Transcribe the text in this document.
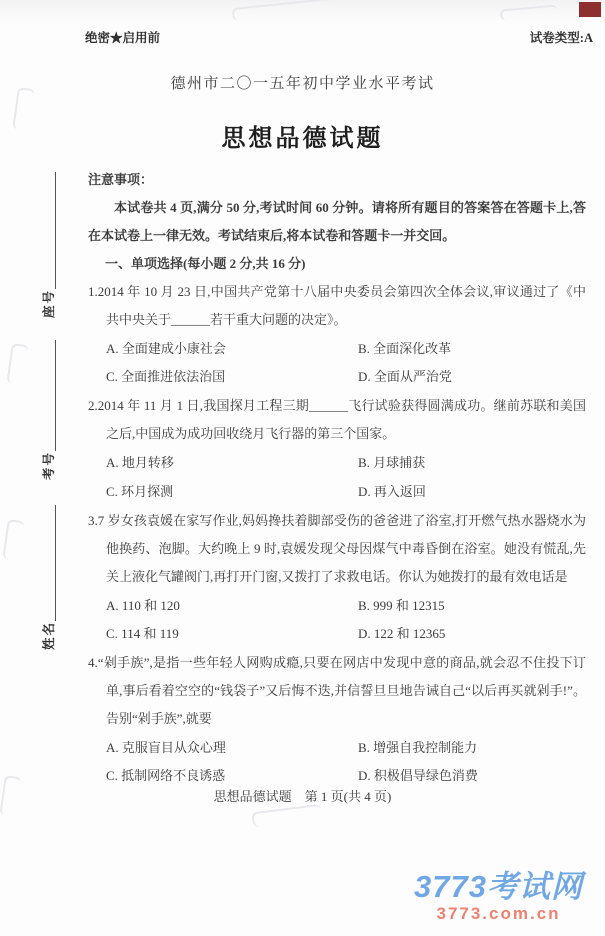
绝密★启用前	试卷类型:A
德州市二〇一五年初中学业水平考试
思想品德试题
座号
考号
姓名
注意事项：
本试卷共 4 页,满分 50 分,考试时间 60 分钟。请将所有题目的答案答在答题卡上,答在本试卷上一律无效。考试结束后,将本试卷和答题卡一并交回。
一、单项选择(每小题 2 分,共 16 分)
1.2014 年 10 月 23 日,中国共产党第十八届中央委员会第四次全体会议,审议通过了《中共中央关于______若干重大问题的决定》。
A. 全面建成小康社会	B. 全面深化改革
C. 全面推进依法治国	D. 全面从严治党
2.2014 年 11 月 1 日,我国探月工程三期______飞行试验获得圆满成功。继前苏联和美国之后,中国成为成功回收绕月飞行器的第三个国家。
A. 地月转移	B. 月球捕获
C. 环月探测	D. 再入返回
3.7 岁女孩袁媛在家写作业,妈妈搀扶着脚部受伤的爸爸进了浴室,打开燃气热水器烧水为他换药、泡脚。大约晚上 9 时,袁媛发现父母因煤气中毒昏倒在浴室。她没有慌乱,先关上液化气罐阀门,再打开门窗,又拨打了求救电话。你认为她拨打的最有效电话是
A. 110 和 120	B. 999 和 12315
C. 114 和 119	D. 122 和 12365
4.“剁手族”,是指一些年轻人网购成瘾,只要在网店中发现中意的商品,就会忍不住投下订单,事后看着空空的“钱袋子”又后悔不迭,并信誓旦旦地告诫自己“以后再买就剁手!”。告别“剁手族”,就要
A. 克服盲目从众心理	B. 增强自我控制能力
C. 抵制网络不良诱惑	D. 积极倡导绿色消费
思想品德试题　第 1 页(共 4 页)
3773考试网
3773.com.cn
